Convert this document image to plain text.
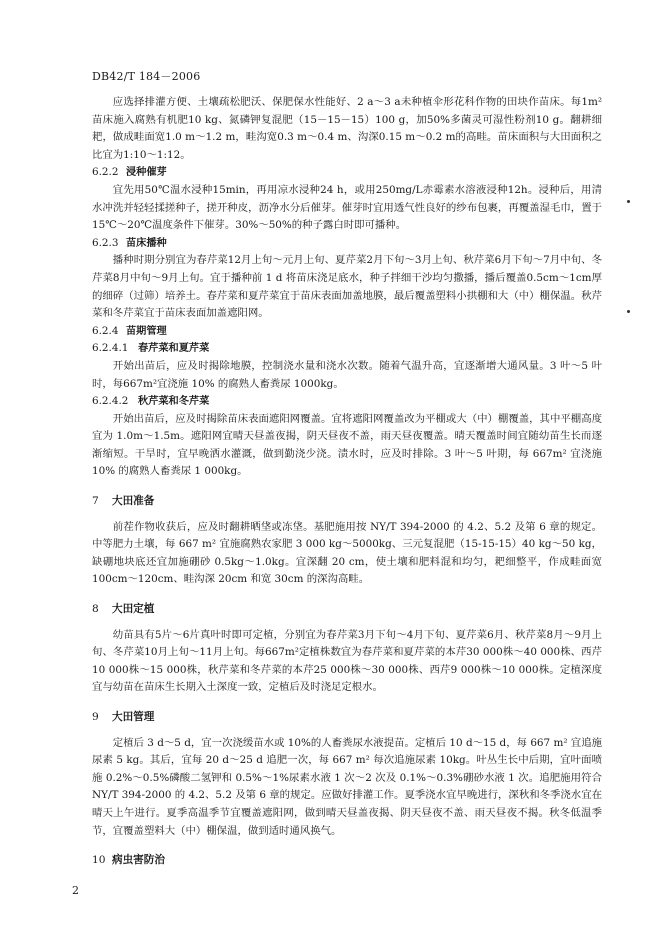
DB42/T 184－2006

应选择排灌方便、土壤疏松肥沃、保肥保水性能好、2 a～3 a未种植伞形花科作物的田块作苗床。每1m²苗床施入腐熟有机肥10 kg、氮磷钾复混肥（15－15－15）100 g，加50%多菌灵可湿性粉剂10 g。翻耕细耙，做成畦面宽1.0 m～1.2 m，畦沟宽0.3 m～0.4 m、沟深0.15 m～0.2 m的高畦。苗床面积与大田面积之比宜为1:10～1:12。

6.2.2 浸种催芽

宜先用50℃温水浸种15min，再用凉水浸种24 h，或用250mg/L赤霉素水溶液浸种12h。浸种后，用清水冲洗并轻轻揉搓种子，搓开种皮，沥净水分后催芽。催芽时宜用透气性良好的纱布包裹，再覆盖湿毛巾，置于15℃～20℃温度条件下催芽。30%～50%的种子露白时即可播种。

6.2.3 苗床播种

播种时期分别宜为春芹菜12月上旬～元月上旬、夏芹菜2月下旬～3月上旬、秋芹菜6月下旬～7月中旬、冬芹菜8月中旬～9月上旬。宜于播种前 1 d 将苗床浇足底水，种子拌细干沙均匀撒播，播后覆盖0.5cm～1cm厚的细碎（过筛）培养土。春芹菜和夏芹菜宜于苗床表面加盖地膜，最后覆盖塑料小拱棚和大（中）棚保温。秋芹菜和冬芹菜宜于苗床表面加盖遮阳网。

6.2.4 苗期管理
6.2.4.1 春芹菜和夏芹菜

开始出苗后，应及时揭除地膜，控制浇水量和浇水次数。随着气温升高，宜逐渐增大通风量。3 叶～5 叶时，每667m²宜浇施 10% 的腐熟人畜粪尿 1000kg。

6.2.4.2 秋芹菜和冬芹菜

开始出苗后，应及时揭除苗床表面遮阳网覆盖。宜将遮阳网覆盖改为平棚或大（中）棚覆盖，其中平棚高度宜为 1.0m～1.5m。遮阳网宜晴天昼盖夜揭，阴天昼夜不盖，雨天昼夜覆盖。晴天覆盖时间宜随幼苗生长而逐渐缩短。干旱时，宜早晚洒水灌溉，做到勤浇少浇。渍水时，应及时排除。3 叶～5 叶期，每 667m² 宜浇施 10% 的腐熟人畜粪尿 1 000kg。

7 大田准备

前茬作物收获后，应及时翻耕晒垡或冻垡。基肥施用按 NY/T 394-2000 的 4.2、5.2 及第 6 章的规定。中等肥力土壤，每 667 m² 宜施腐熟农家肥 3 000 kg～5000kg、三元复混肥（15-15-15）40 kg～50 kg，缺硼地块底还宜加施硼砂 0.5kg～1.0kg。宜深翻 20 cm，使土壤和肥料混和均匀，耙细整平，作成畦面宽 100cm～120cm、畦沟深 20cm 和宽 30cm 的深沟高畦。

8 大田定植

幼苗具有5片～6片真叶时即可定植，分别宜为春芹菜3月下旬～4月下旬、夏芹菜6月、秋芹菜8月～9月上旬、冬芹菜10月上旬～11月上旬。每667m²定植株数宜为春芹菜和夏芹菜的本芹30 000株～40 000株、西芹10 000株～15 000株，秋芹菜和冬芹菜的本芹25 000株～30 000株、西芹9 000株～10 000株。定植深度宜与幼苗在苗床生长期入土深度一致，定植后及时浇足定根水。

9 大田管理

定植后 3 d～5 d，宜一次浇缓苗水或 10%的人畜粪尿水液提苗。定植后 10 d～15 d，每 667 m² 宜追施尿素 5 kg。其后，宜每 20 d～25 d 追肥一次，每 667 m² 每次追施尿素 10kg。叶丛生长中后期，宜叶面喷施 0.2%～0.5%磷酸二氢钾和 0.5%～1%尿素水液 1 次～2 次及 0.1%～0.3%硼砂水液 1 次。追肥施用符合 NY/T 394-2000 的 4.2、5.2 及第 6 章的规定。应做好排灌工作。夏季浇水宜早晚进行，深秋和冬季浇水宜在晴天上午进行。夏季高温季节宜覆盖遮阳网，做到晴天昼盖夜揭、阴天昼夜不盖、雨天昼夜不揭。秋冬低温季节，宜覆盖塑料大（中）棚保温，做到适时通风换气。

10 病虫害防治
2
